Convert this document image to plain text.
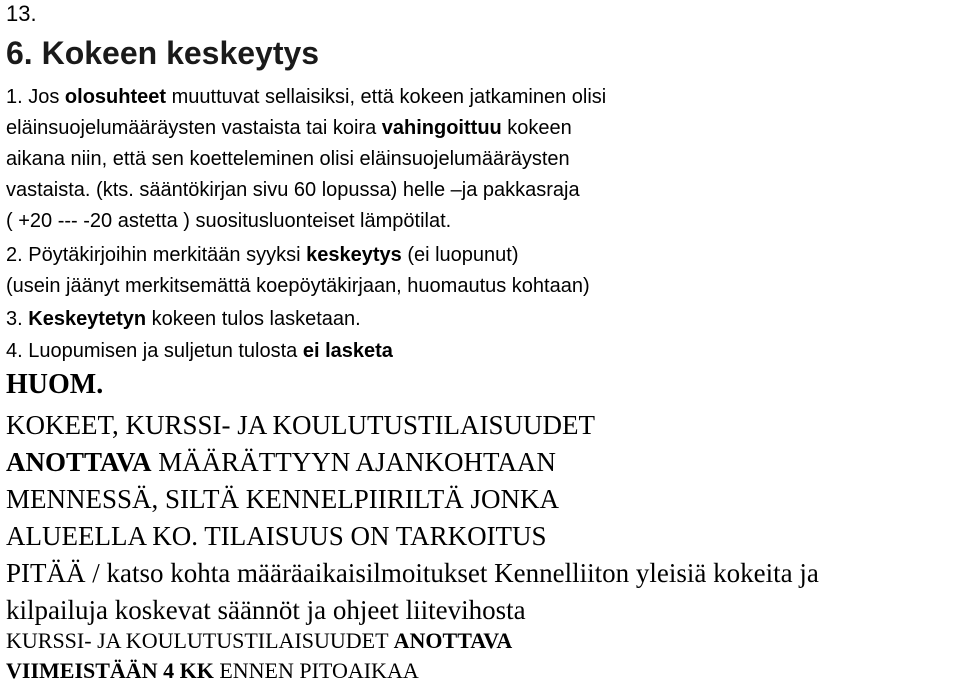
13.

6. Kokeen keskeytys

1. Jos olosuhteet muuttuvat sellaisiksi, että kokeen jatkaminen olisi

eläinsuojelumääräysten vastaista tai koira vahingoittuu kokeen

aikana niin, että sen koetteleminen olisi eläinsuojelumääräysten

vastaista. (kts. sääntökirjan sivu 60 lopussa) helle –ja pakkasraja

( +20 --- -20 astetta ) suositusluonteiset lämpötilat.

2. Pöytäkirjoihin merkitään syyksi keskeytys (ei luopunut)

(usein jäänyt merkitsemättä koepöytäkirjaan, huomautus kohtaan)

3. Keskeytetyn kokeen tulos lasketaan.

4. Luopumisen ja suljetun tulosta ei lasketa

HUOM.

KOKEET, KURSSI- JA KOULUTUSTILAISUUDET

ANOTTAVA MÄÄRÄTTYYN AJANKOHTAAN

MENNESSÄ, SILTÄ KENNELPIIRILTÄ JONKA

ALUEELLA KO. TILAISUUS ON TARKOITUS

PITÄÄ / katso kohta määräaikaisilmoitukset Kennelliiton yleisiä kokeita ja

kilpailuja koskevat säännöt ja ohjeet liitevihosta

KURSSI- JA KOULUTUSTILAISUUDET ANOTTAVA

VIIMEISTÄÄN 4 KK ENNEN PITOAIKAA
